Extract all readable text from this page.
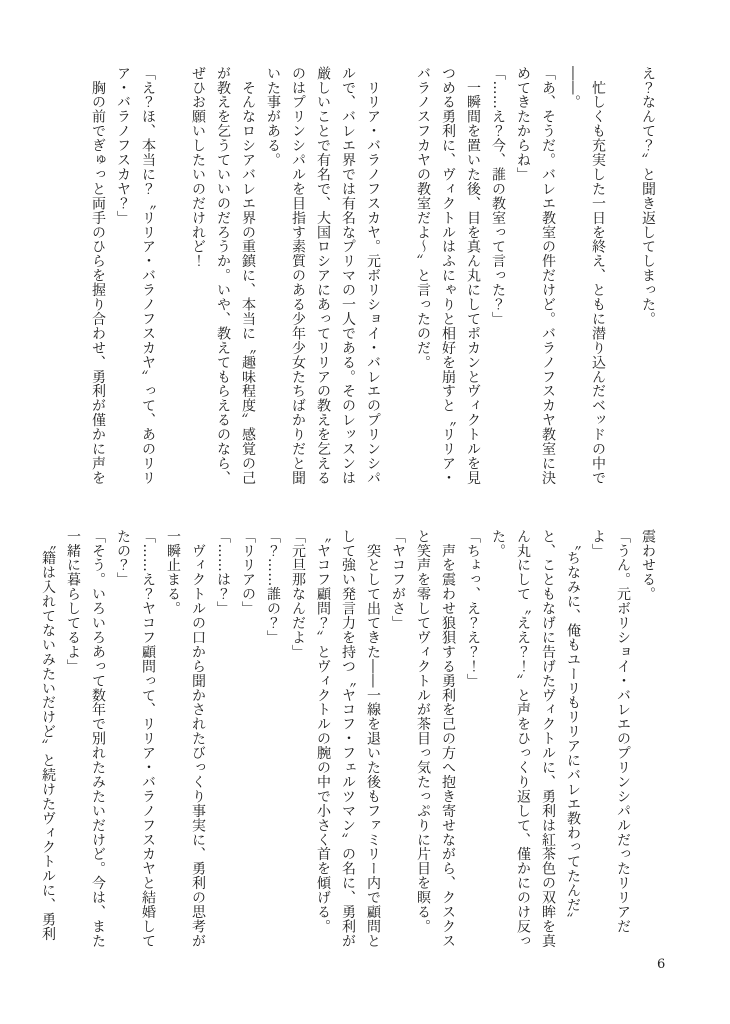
え？なんて？〟と聞き返してしまった。

　忙しくも充実した一日を終え、ともに潜り込んだベッドの中で――。

「あ、そうだ。バレエ教室の件だけど。バラノフスカヤ教室に決めてきたからね」

「……え？今、誰の教室って言った？」

　一瞬間を置いた後、目を真ん丸にしてポカンとヴィクトルを見つめる勇利に、ヴィクトルはふにゃりと相好を崩すと〝リリア・バラノスフカヤの教室だよ～〟と言ったのだ。

　リリア・バラノフスカヤ。元ボリショイ・バレエのプリンシパルで、バレエ界では有名なプリマの一人である。そのレッスンは厳しいことで有名で、大国ロシアにあってリリアの教えを乞えるのはプリンシパルを目指す素質のある少年少女たちばかりだと聞いた事がある。

　そんなロシアバレエ界の重鎮に、本当に〝趣味程度〟感覚の己が教えを乞うていいのだろうか。いや、教えてもらえるのなら、ぜひお願いしたいのだけれど！

「え？ほ、本当に？〝リリア・バラノフスカヤ〟って、あのリリア・バラノフスカヤ？」

　胸の前でぎゅっと両手のひらを握り合わせ、勇利が僅かに声を

震わせる。

「うん。元ボリショイ・バレエのプリンシパルだったリリアだよ」

　〝ちなみに、俺もユーリもリリアにバレエ教わってたんだ〟と、こともなげに告げたヴィクトルに、勇利は紅茶色の双眸を真ん丸にして〝ええ？！〟と声をひっくり返して、僅かにのけ反った。

「ちょっ、え？え？！」

　声を震わせ狼狽する勇利を己の方へ抱き寄せながら、クスクスと笑声を零してヴィクトルが茶目っ気たっぷりに片目を瞑る。

「ヤコフがさ」

　突として出てきた――一線を退いた後もファミリー内で顧問として強い発言力を持つ〝ヤコフ・フェルツマン〟の名に、勇利が〝ヤコフ顧問？〟とヴィクトルの腕の中で小さく首を傾げる。

「元旦那なんだよ」

「？……誰の？」

「リリアの」

「……は？」

　ヴィクトルの口から聞かされたびっくり事実に、勇利の思考が一瞬止まる。

「……え？ヤコフ顧問って、リリア・バラノフスカヤと結婚してたの？」

「そう。いろいろあって数年で別れたみたいだけど。今は、また一緒に暮らしてるよ」

　〝籍は入れてないみたいだけど〟と続けたヴィクトルに、勇利

6
